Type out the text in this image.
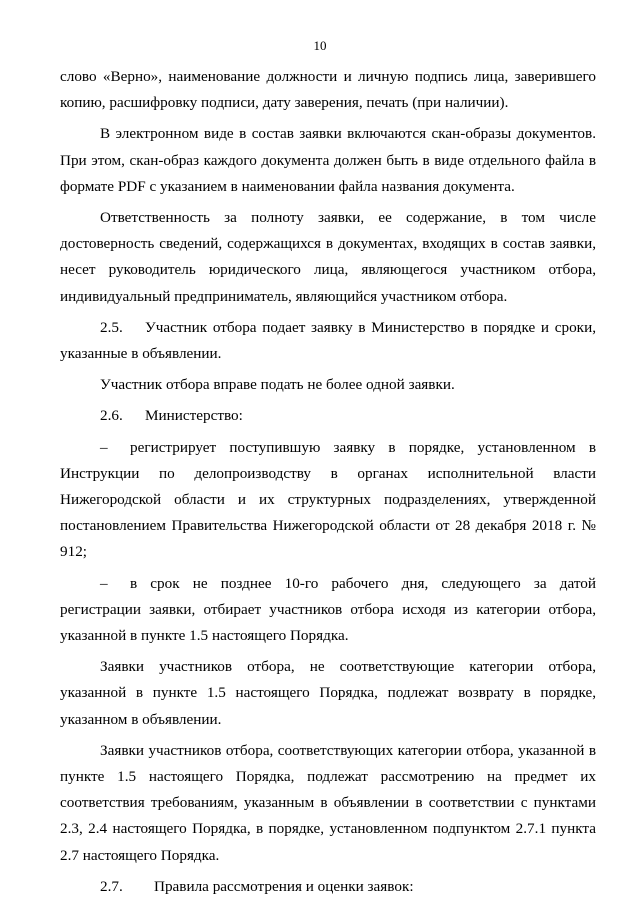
10

слово «Верно», наименование должности и личную подпись лица, заверившего копию, расшифровку подписи, дату заверения, печать (при наличии).

В электронном виде в состав заявки включаются скан-образы документов. При этом, скан-образ каждого документа должен быть в виде отдельного файла в формате PDF с указанием в наименовании файла названия документа.

Ответственность за полноту заявки, ее содержание, в том числе достоверность сведений, содержащихся в документах, входящих в состав заявки, несет руководитель юридического лица, являющегося участником отбора, индивидуальный предприниматель, являющийся участником отбора.

2.5. Участник отбора подает заявку в Министерство в порядке и сроки, указанные в объявлении.

Участник отбора вправе подать не более одной заявки.

2.6. Министерство:

– регистрирует поступившую заявку в порядке, установленном в Инструкции по делопроизводству в органах исполнительной власти Нижегородской области и их структурных подразделениях, утвержденной постановлением Правительства Нижегородской области от 28 декабря 2018 г. № 912;

– в срок не позднее 10-го рабочего дня, следующего за датой регистрации заявки, отбирает участников отбора исходя из категории отбора, указанной в пункте 1.5 настоящего Порядка.

Заявки участников отбора, не соответствующие категории отбора, указанной в пункте 1.5 настоящего Порядка, подлежат возврату в порядке, указанном в объявлении.

Заявки участников отбора, соответствующих категории отбора, указанной в пункте 1.5 настоящего Порядка, подлежат рассмотрению на предмет их соответствия требованиям, указанным в объявлении в соответствии с пунктами 2.3, 2.4 настоящего Порядка, в порядке, установленном подпунктом 2.7.1 пункта 2.7 настоящего Порядка.

2.7. Правила рассмотрения и оценки заявок:
